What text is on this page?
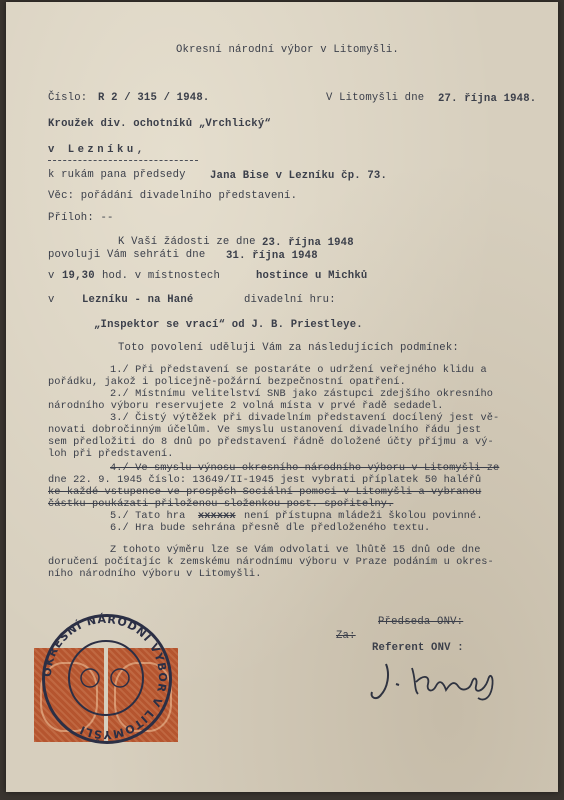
Okresní národní výbor v Litomyšli.
Číslo: R 2 / 315 / 1948.	V Litomyšli dne 27. října 1948.
Kroužek div. ochotníků „Vrchlický“
v Lezníku,
k rukám pana předsedy Jana Bise v Lezníku čp. 73.
Věc: pořádání divadelního představení.
Příloh: --
K Vaší žádosti ze dne 23. října 1948
povoluji Vám sehráti dne 31. října 1948
v 19,30 hod. v místnostech	hostince u Michků
v	Lezníku - na Hané	divadelní hru:
„Inspektor se vrací“ od J. B. Priestleye.
Toto povolení uděluji Vám za následujících podmínek:
1./ Při představení se postaráte o udržení veřejného klidu a
pořádku, jakož i policejně-požární bezpečnostní opatření.
2./ Místnímu velitelství SNB jako zástupci zdejšího okresního
národního výboru reservujete 2 volná místa v prvé řadě sedadel.
3./ Čistý výtěžek při divadelním představení docílený jest vě-
novati dobročinným účelům. Ve smyslu ustanovení divadelního řádu jest
sem předložiti do 8 dnů po představení řádně doložené účty příjmu a vý-
loh při představení.
4./ Ve smyslu výnosu okresního národního výboru v Litomyšli ze
dne 22. 9. 1945 číslo: 13649/II-1945 jest vybrati příplatek 50 haléřů
ke každé vstupence ve prospěch Sociální pomoci v Litomyšli a vybranou
částku poukázati přiloženou složenkou post. spořitelny.
5./ Tato hra xxxxxx není přístupna mládeži školou povinné.
6./ Hra bude sehrána přesně dle předloženého textu.
Z tohoto výměru lze se Vám odvolati ve lhůtě 15 dnů ode dne
doručení počítajíc k zemskému národnímu výboru v Praze podáním u okres-
ního národního výboru v Litomyšli.
Za:
Předseda ONV:
Referent ONV :
OKRESNÍ NÁRODNÍ VÝBOR V LITOMYŠLI
